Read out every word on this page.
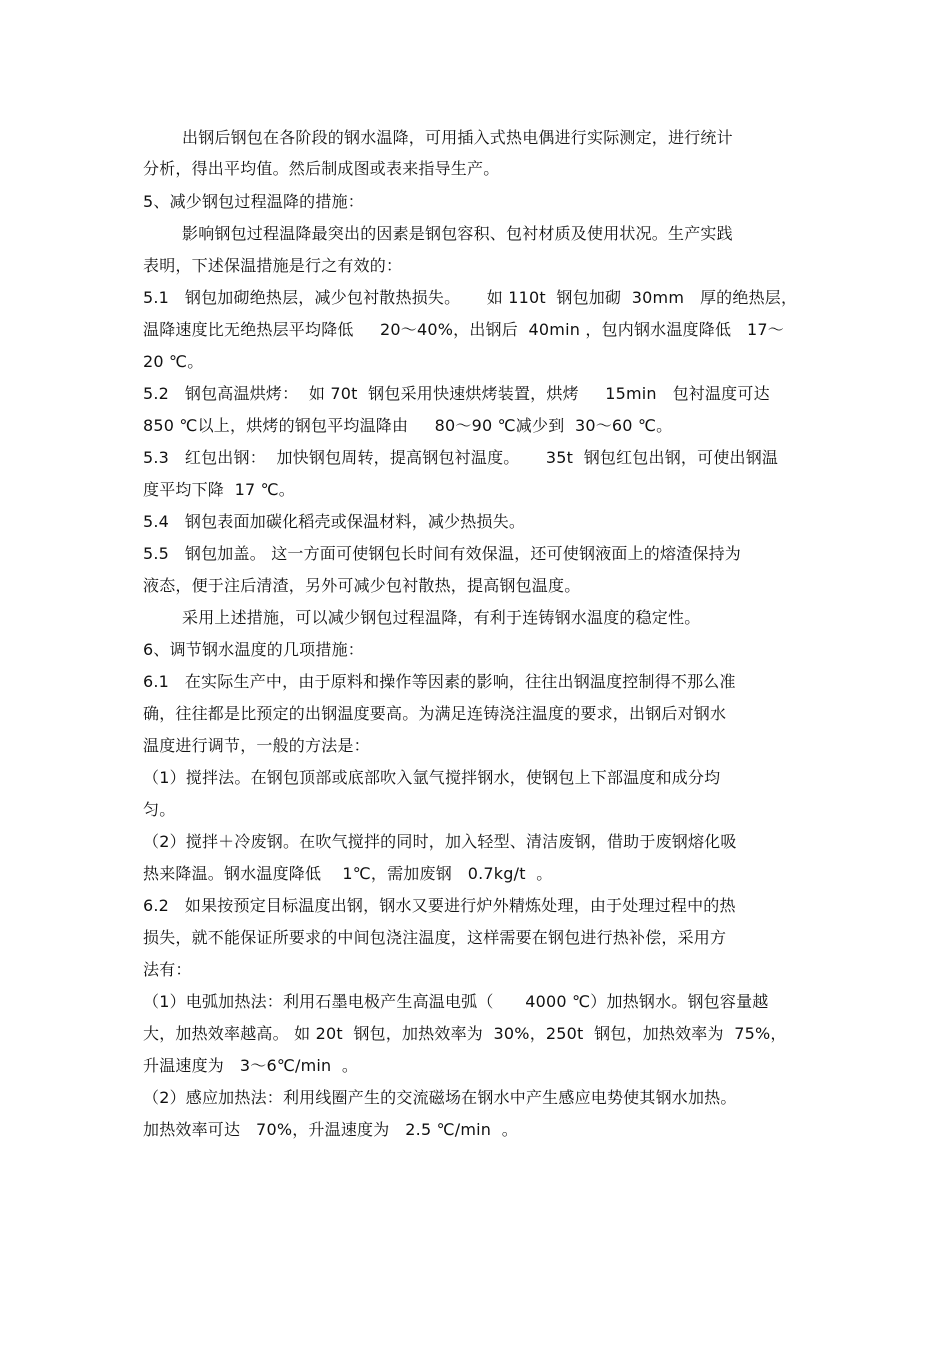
出钢后钢包在各阶段的钢水温降，可用插入式热电偶进行实际测定，进行统计
分析，得出平均值。然后制成图或表来指导生产。
5、减少钢包过程温降的措施：
影响钢包过程温降最突出的因素是钢包容积、包衬材质及使用状况。生产实践
表明，下述保温措施是行之有效的：
5.1   钢包加砌绝热层，减少包衬散热损失。     如 110t  钢包加砌  30mm   厚的绝热层，
温降速度比无绝热层平均降低     20～40%，出钢后  40min ，包内钢水温度降低   17～
20 ℃。
5.2   钢包高温烘烤：  如 70t  钢包采用快速烘烤装置，烘烤     15min   包衬温度可达
850 ℃以上，烘烤的钢包平均温降由     80～90 ℃减少到  30～60 ℃。
5.3   红包出钢：  加快钢包周转，提高钢包衬温度。     35t  钢包红包出钢，可使出钢温
度平均下降  17 ℃。
5.4   钢包表面加碳化稻壳或保温材料，减少热损失。
5.5   钢包加盖。 这一方面可使钢包长时间有效保温，还可使钢液面上的熔渣保持为
液态，便于注后清渣，另外可减少包衬散热，提高钢包温度。
采用上述措施，可以减少钢包过程温降，有利于连铸钢水温度的稳定性。
6、调节钢水温度的几项措施：
6.1   在实际生产中，由于原料和操作等因素的影响，往往出钢温度控制得不那么准
确，往往都是比预定的出钢温度要高。为满足连铸浇注温度的要求，出钢后对钢水
温度进行调节，一般的方法是：
（1）搅拌法。在钢包顶部或底部吹入氩气搅拌钢水，使钢包上下部温度和成分均
匀。
（2）搅拌＋冷废钢。在吹气搅拌的同时，加入轻型、清洁废钢，借助于废钢熔化吸
热来降温。钢水温度降低    1℃，需加废钢   0.7kg/t  。
6.2   如果按预定目标温度出钢，钢水又要进行炉外精炼处理，由于处理过程中的热
损失，就不能保证所要求的中间包浇注温度，这样需要在钢包进行热补偿，采用方
法有：
（1）电弧加热法：利用石墨电极产生高温电弧（      4000 ℃）加热钢水。钢包容量越
大，加热效率越高。 如 20t  钢包，加热效率为  30%，250t  钢包，加热效率为  75%，
升温速度为   3～6℃/min  。
（2）感应加热法：利用线圈产生的交流磁场在钢水中产生感应电势使其钢水加热。
加热效率可达   70%，升温速度为   2.5 ℃/min  。
